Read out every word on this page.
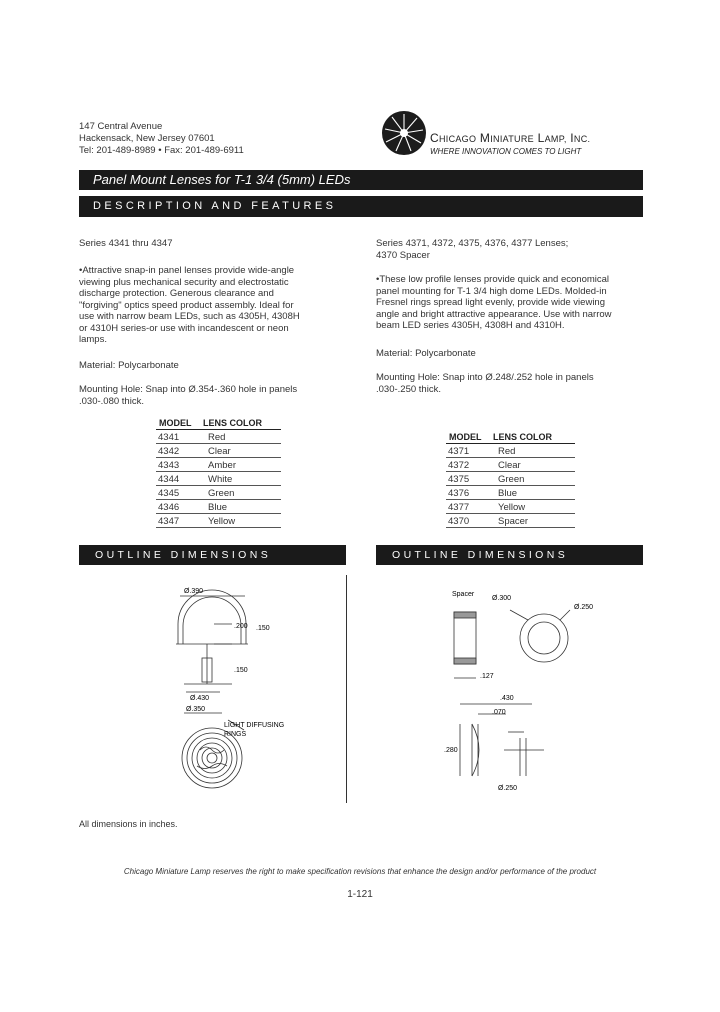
147 Central Avenue
Hackensack, New Jersey 07601
Tel: 201-489-8989 • Fax: 201-489-6911
CHICAGO MINIATURE LAMP, INC.
WHERE INNOVATION COMES TO LIGHT
Panel Mount Lenses for T-1 3/4 (5mm) LEDs
DESCRIPTION AND FEATURES
Series 4341 thru 4347
•Attractive snap-in panel lenses provide wide-angle viewing plus mechanical security and electrostatic discharge protection. Generous clearance and "forgiving" optics speed product assembly. Ideal for use with narrow beam LEDs, such as 4305H, 4308H or 4310H series-or use with incandescent or neon lamps.
Material: Polycarbonate
Mounting Hole: Snap into Ø.354-.360 hole in panels .030-.080 thick.
MODEL	LENS COLOR
4341	Red
4342	Clear
4343	Amber
4344	White
4345	Green
4346	Blue
4347	Yellow
Series 4371, 4372, 4375, 4376, 4377 Lenses;
4370 Spacer
•These low profile lenses provide quick and economical panel mounting for T-1 3/4 high dome LEDs. Molded-in Fresnel rings spread light evenly, provide wide viewing angle and bright attractive appearance. Use with narrow beam LED series 4305H, 4308H and 4310H.
Material: Polycarbonate
Mounting Hole: Snap into Ø.248/.252 hole in panels .030-.250 thick.
MODEL	LENS COLOR
4371	Red
4372	Clear
4375	Green
4376	Blue
4377	Yellow
4370	Spacer
OUTLINE DIMENSIONS	OUTLINE DIMENSIONS
Ø.390
.200 .150
.150
Ø.430
Ø.350
LIGHT DIFFUSING
RINGS
Spacer
Ø.300
Ø.250
.127
.430
.070
.280
Ø.250
All dimensions in inches.
Chicago Miniature Lamp reserves the right to make specification revisions that enhance the design and/or performance of the product
1-121
